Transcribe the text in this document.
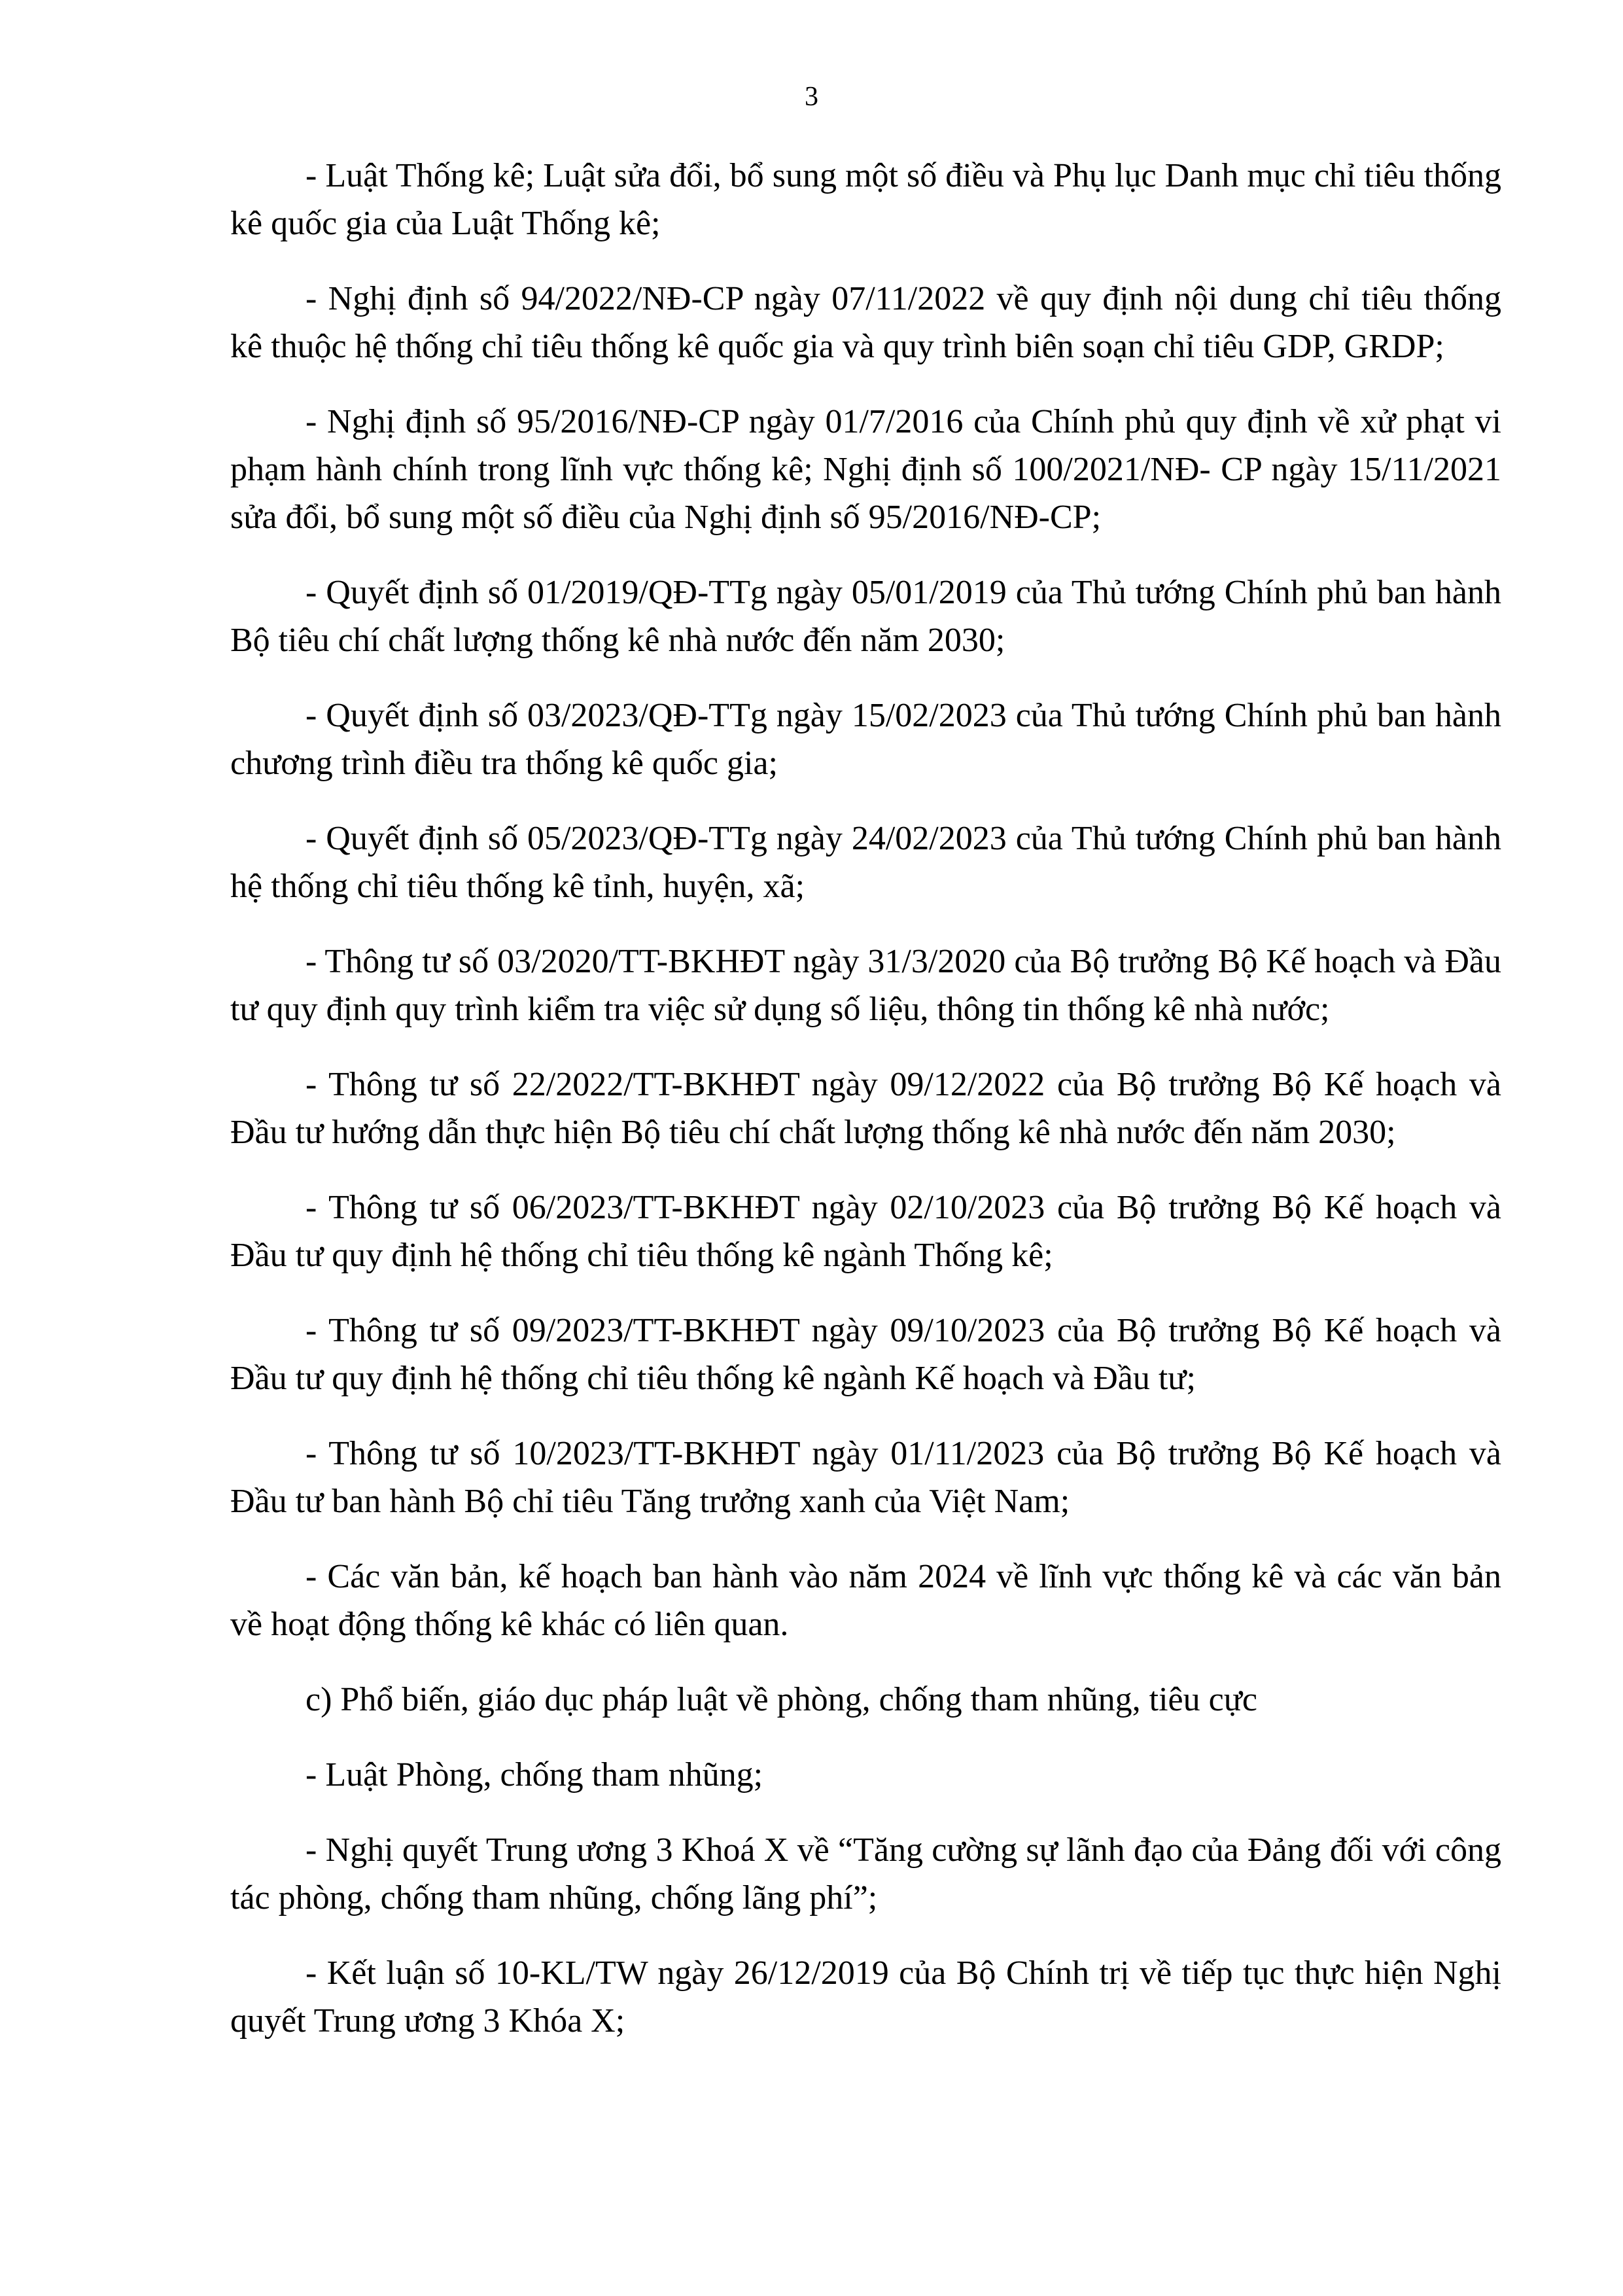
3

- Luật Thống kê; Luật sửa đổi, bổ sung một số điều và Phụ lục Danh mục chỉ tiêu thống kê quốc gia của Luật Thống kê;

- Nghị định số 94/2022/NĐ-CP ngày 07/11/2022 về quy định nội dung chỉ tiêu thống kê thuộc hệ thống chỉ tiêu thống kê quốc gia và quy trình biên soạn chỉ tiêu GDP, GRDP;

- Nghị định số 95/2016/NĐ-CP ngày 01/7/2016 của Chính phủ quy định về xử phạt vi phạm hành chính trong lĩnh vực thống kê; Nghị định số 100/2021/NĐ- CP ngày 15/11/2021 sửa đổi, bổ sung một số điều của Nghị định số 95/2016/NĐ-CP;

- Quyết định số 01/2019/QĐ-TTg ngày 05/01/2019 của Thủ tướng Chính phủ ban hành Bộ tiêu chí chất lượng thống kê nhà nước đến năm 2030;

- Quyết định số 03/2023/QĐ-TTg ngày 15/02/2023 của Thủ tướng Chính phủ ban hành chương trình điều tra thống kê quốc gia;

- Quyết định số 05/2023/QĐ-TTg ngày 24/02/2023 của Thủ tướng Chính phủ ban hành hệ thống chỉ tiêu thống kê tỉnh, huyện, xã;

- Thông tư số 03/2020/TT-BKHĐT ngày 31/3/2020 của Bộ trưởng Bộ Kế hoạch và Đầu tư quy định quy trình kiểm tra việc sử dụng số liệu, thông tin thống kê nhà nước;

- Thông tư số 22/2022/TT-BKHĐT ngày 09/12/2022 của Bộ trưởng Bộ Kế hoạch và Đầu tư hướng dẫn thực hiện Bộ tiêu chí chất lượng thống kê nhà nước đến năm 2030;

- Thông tư số 06/2023/TT-BKHĐT ngày 02/10/2023 của Bộ trưởng Bộ Kế hoạch và Đầu tư quy định hệ thống chỉ tiêu thống kê ngành Thống kê;

- Thông tư số 09/2023/TT-BKHĐT ngày 09/10/2023 của Bộ trưởng Bộ Kế hoạch và Đầu tư quy định hệ thống chỉ tiêu thống kê ngành Kế hoạch và Đầu tư;

- Thông tư số 10/2023/TT-BKHĐT ngày 01/11/2023 của Bộ trưởng Bộ Kế hoạch và Đầu tư ban hành Bộ chỉ tiêu Tăng trưởng xanh của Việt Nam;

- Các văn bản, kế hoạch ban hành vào năm 2024 về lĩnh vực thống kê và các văn bản về hoạt động thống kê khác có liên quan.

c) Phổ biến, giáo dục pháp luật về phòng, chống tham nhũng, tiêu cực

- Luật Phòng, chống tham nhũng;

- Nghị quyết Trung ương 3 Khoá X về “Tăng cường sự lãnh đạo của Đảng đối với công tác phòng, chống tham nhũng, chống lãng phí”;

- Kết luận số 10-KL/TW ngày 26/12/2019 của Bộ Chính trị về tiếp tục thực hiện Nghị quyết Trung ương 3 Khóa X;
